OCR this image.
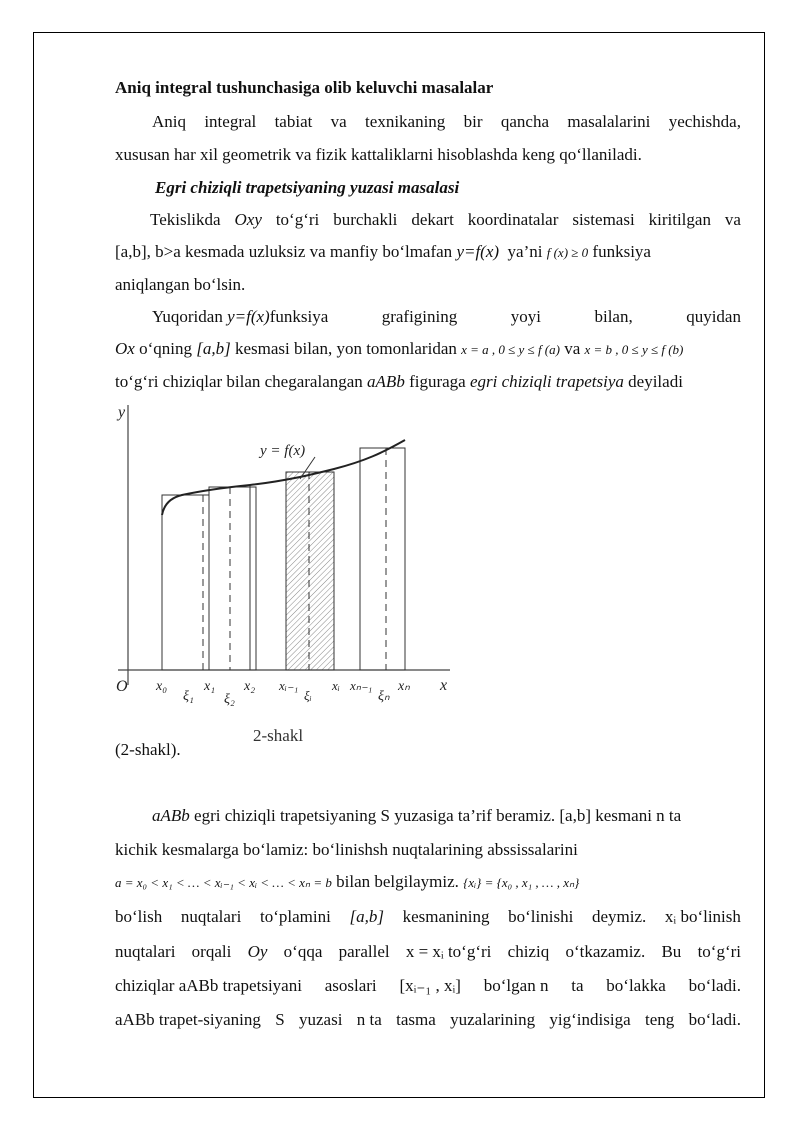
Aniq integral tushunchasiga olib keluvchi masalalar
Aniq integral tabiat va texnikaning bir qancha masalalarini yechishda,
xususan har xil geometrik va fizik kattaliklarni hisoblashda keng qo‘llaniladi.
Egri chiziqli trapetsiyaning yuzasi masalasi
Tekislikda Oxy to‘g‘ri burchakli dekart koordinatalar sistemasi kiritilgan va
[a,b], b>a kesmada uzluksiz va manfiy bo‘lmafan y=f(x) ya’ni f (x) ≥ 0 funksiya
aniqlangan bo‘lsin.
Yuqoridan y=f(x)funksiya	grafigining	yoyi	bilan,	quyidan
Ox o‘qning [a,b] kesmasi bilan, yon tomonlaridan x = a , 0 ≤ y ≤ f (a) va x = b , 0 ≤ y ≤ f (b)
to‘g‘ri chiziqlar bilan chegaralangan aABb figuraga egri chiziqli trapetsiya deyiladi
y = f(x)
y
O	x
x₀	x₁ x₂ xᵢ₋₁	xᵢ xₙ₋₁ xₙ
ξ₁ ξ₂	ξᵢ	ξₙ
2-shakl
(2-shakl).
aABb egri chiziqli trapetsiyaning S yuzasiga ta’rif beramiz. [a,b] kesmani n ta
kichik kesmalarga bo‘lamiz: bo‘linishsh nuqtalarining abssissalarini
a = x₀ < x₁ < … < xᵢ₋₁ < xᵢ < … < xₙ = b bilan belgilaymiz. {xᵢ} = {x₀ , x₁ , … , xₙ}
bo‘lish nuqtalari to‘plamini [a,b] kesmanining bo‘linishi deymiz. xᵢ bo‘linish
nuqtalari orqali Oy o‘qqa parallel x = xᵢ to‘g‘ri chiziq o‘tkazamiz. Bu to‘g‘ri
chiziqlar aABb trapetsiyani asoslari [xᵢ₋₁ , xᵢ] bo‘lgan n ta bo‘lakka bo‘ladi.
aABb trapet-siyaning S yuzasi n ta tasma yuzalarining yig‘indisiga teng bo‘ladi.
